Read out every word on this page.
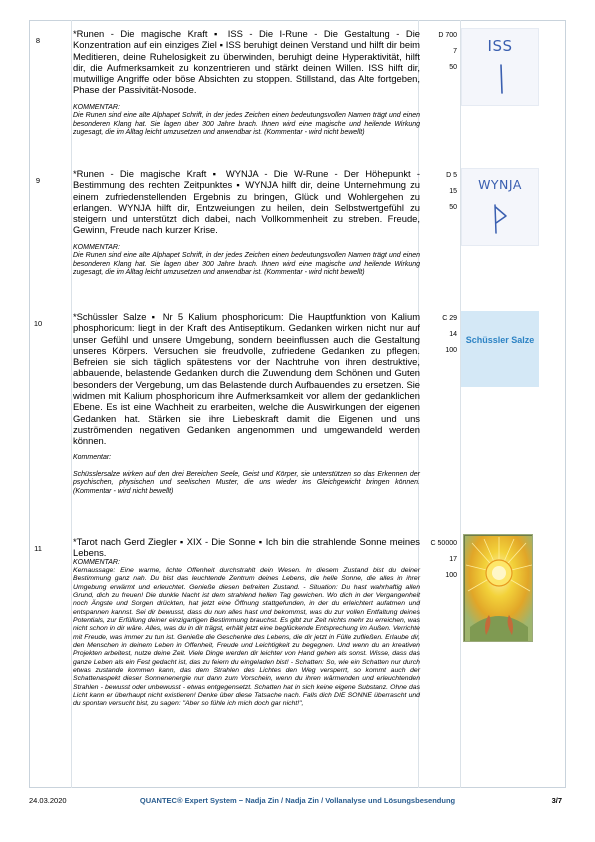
8
*Runen - Die magische Kraft ▪ ISS - Die I-Rune - Die Gestaltung - Die Konzentration auf ein einziges Ziel ▪ ISS beruhigt deinen Verstand und hilft dir beim Meditieren, deine Ruhelosigkeit zu überwinden, beruhigt deine Hyperaktivität, hilft dir, die Aufmerksamkeit zu konzentrieren und stärkt deinen Willen. ISS hilft dir, mutwillige Angriffe oder böse Absichten zu stoppen. Stillstand, das Alte fortgeben, Phase der Passivität-Nosode.
KOMMENTAR:
Die Runen sind eine alte Alphapet Schrift, in der jedes Zeichen einen bedeutungsvollen Namen trägt und einen besonderen Klang hat. Sie lagen über 300 Jahre brach. Ihnen wird eine magische und heilende Wirkung zugesagt, die im Alltag leicht umzusetzen und anwendbar ist. (Kommentar - wird nicht bewellt)
D 700
7
50
ISS
9
*Runen - Die magische Kraft ▪ WYNJA - Die W-Rune - Der Höhepunkt - Bestimmung des rechten Zeitpunktes ▪ WYNJA hilft dir, deine Unternehmung zu einem zufriedenstellenden Ergebnis zu bringen, Glück und Wohlergehen zu erlangen. WYNJA hilft dir, Entzweiungen zu heilen, dein Selbstwertgefühl zu steigern und unterstützt dich dabei, nach Vollkommenheit zu streben. Freude, Gewinn, Freude nach kurzer Krise.
KOMMENTAR:
Die Runen sind eine alte Alphapet Schrift, in der jedes Zeichen einen bedeutungsvollen Namen trägt und einen besonderen Klang hat. Sie lagen über 300 Jahre brach. Ihnen wird eine magische und heilende Wirkung zugesagt, die im Alltag leicht umzusetzen und anwendbar ist. (Kommentar - wird nicht bewellt)
D 5
15
50
WYNJA
10
*Schüssler Salze ▪ Nr 5 Kalium phosphoricum: Die Hauptfunktion von Kalium phosphoricum: liegt in der Kraft des Antiseptikum. Gedanken wirken nicht nur auf unser Gefühl und unsere Umgebung, sondern beeinflussen auch die Gestaltung unseres Körpers. Versuchen sie freudvolle, zufriedene Gedanken zu pflegen. Befreien sie sich täglich spätestens vor der Nachtruhe von ihren destruktive, abbauende, belastende Gedanken durch die Zuwendung dem Schönen und Guten besonders der Vergebung, um das Belastende durch Aufbauendes zu ersetzen. Sie widmen mit Kalium phosphoricum ihre Aufmerksamkeit vor allem der gedanklichen Ebene. Es ist eine Wachheit zu erarbeiten, welche die Auswirkungen der eigenen Gedanken hat. Stärken sie ihre Liebeskraft damit die Eigenen und uns zuströmenden negativen Gedanken angenommen und umgewandeld werden können.
Kommentar:
Schüsslersalze wirken auf den drei Bereichen Seele, Geist und Körper, sie unterstützen so das Erkennen der psychischen, physischen und seelischen Muster, die uns wieder ins Gleichgewicht bringen können. (Kommentar - wird nicht bewellt)
C 29
14
100
Schüssler Salze
11
*Tarot nach Gerd Ziegler ▪ XIX - Die Sonne ▪ Ich bin die strahlende Sonne meines Lebens.
KOMMENTAR:
Kernaussage: Eine warme, lichte Offenheit durchstrahlt dein Wesen. In diesem Zustand bist du deiner Bestimmung ganz nah. Du bist das leuchtende Zentrum deines Lebens, die helle Sonne, die alles in ihrer Umgebung erwärmt und erleuchtet. Genieße diesen befreiten Zustand. - Situation: Du hast wahrhaftig allen Grund, dich zu freuen! Die dunkle Nacht ist dem strahlend hellen Tag gewichen. Wo dich in der Vergangenheit noch Ängste und Sorgen drückten, hat jetzt eine Öffnung stattgefunden, in der du erleichtert aufatmen und entspannen kannst. Sei dir bewusst, dass du nun alles hast und bekommst, was du zur vollen Entfaltung deines Potentials, zur Erfüllung deiner einzigartigen Bestimmung brauchst. Es gibt zur Zeit nichts mehr zu erreichen, was nicht schon in dir wäre. Alles, was du in dir trägst, erhält jetzt eine beglückende Entsprechung im Außen. Verrichte mit Freude, was immer zu tun ist. Genieße die Geschenke des Lebens, die dir jetzt in Fülle zufließen. Erlaube dir, den Menschen in deinem Leben in Offenheit, Freude und Leichtigkeit zu begegnen. Und wenn du an kreativen Projekten arbeitest, nutze deine Zeit. Viele Dinge werden dir leichter von Hand gehen als sonst. Wisse, dass das ganze Leben als ein Fest gedacht ist, das zu feiern du eingeladen bist! - Schatten: So, wie ein Schatten nur durch etwas zustande kommen kann, das dem Strahlen des Lichtes den Weg versperrt, so kommt auch der Schattenaspekt dieser Sonnenenergie nur dann zum Vorschein, wenn du ihren wärmenden und erleuchtenden Strahlen - bewusst oder unbewusst - etwas entgegensetzt. Schatten hat in sich keine eigene Substanz. Ohne das Licht kann er überhaupt nicht existieren! Denke über diese Tatsache nach. Falls dich DIE SONNE überrascht und du spontan versucht bist, zu sagen: "Aber so fühle ich mich doch gar nicht!",
C 50000
17
100
24.03.2020	QUANTEC® Expert System − Nadja Zin / Nadja Zin / Vollanalyse und Lösungsbesendung	3/7
